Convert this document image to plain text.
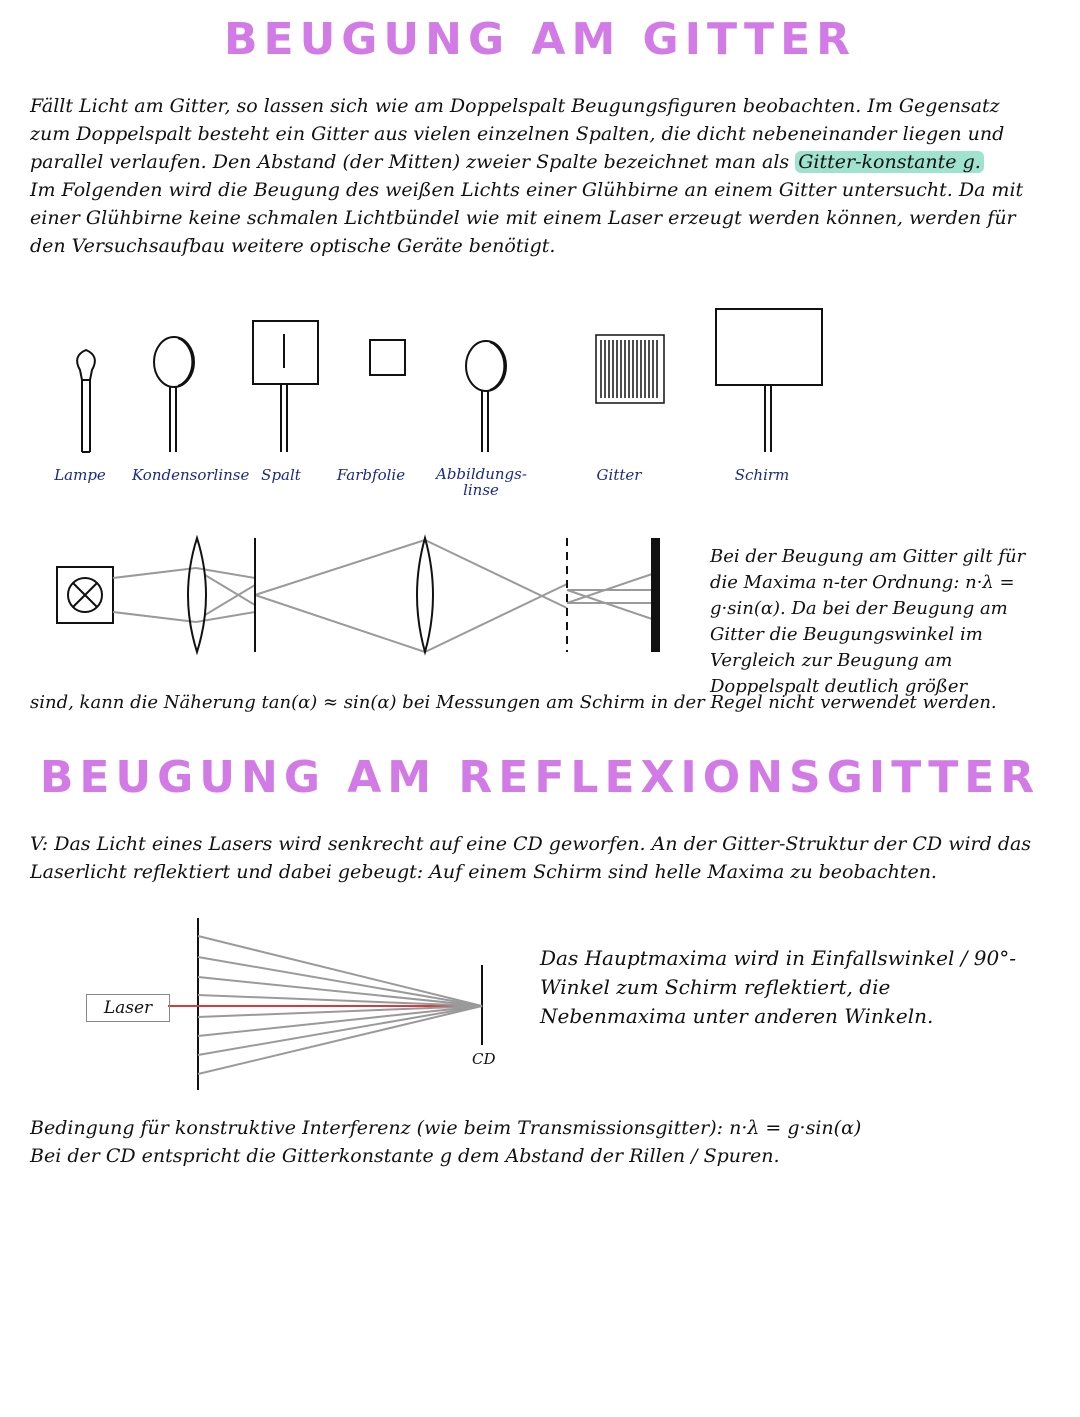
BEUGUNG AM GITTER

Fällt Licht am Gitter, so lassen sich wie am Doppelspalt Beugungsfiguren beobachten. Im Gegensatz zum Doppelspalt besteht ein Gitter aus vielen einzelnen Spalten, die dicht nebeneinander liegen und parallel verlaufen. Den Abstand (der Mitten) zweier Spalte bezeichnet man als Gitter-konstante g.

Im Folgenden wird die Beugung des weißen Lichts einer Glühbirne an einem Gitter untersucht. Da mit einer Glühbirne keine schmalen Lichtbündel wie mit einem Laser erzeugt werden können, werden für den Versuchsaufbau weitere optische Geräte benötigt.

Lampe Kondensorlinse Spalt	Farbfolie Abbildungs-linse
Gitter	Schirm

Bei der Beugung am Gitter gilt für die Maxima n-ter Ordnung: n·λ = g·sin(α). Da bei der Beugung am Gitter die Beugungswinkel im Vergleich zur Beugung am Doppelspalt deutlich größer

sind, kann die Näherung tan(α) ≈ sin(α) bei Messungen am Schirm in der Regel nicht verwendet werden.

BEUGUNG AM REFLEXIONSGITTER

V: Das Licht eines Lasers wird senkrecht auf eine CD geworfen. An der Gitter-Struktur der CD wird das Laserlicht reflektiert und dabei gebeugt: Auf einem Schirm sind helle Maxima zu beobachten.

Laser
CD

Das Hauptmaxima wird in Einfallswinkel / 90°-Winkel zum Schirm reflektiert, die Nebenmaxima unter anderen Winkeln.

Bedingung für konstruktive Interferenz (wie beim Transmissionsgitter): n·λ = g·sin(α)

Bei der CD entspricht die Gitterkonstante g dem Abstand der Rillen / Spuren.
